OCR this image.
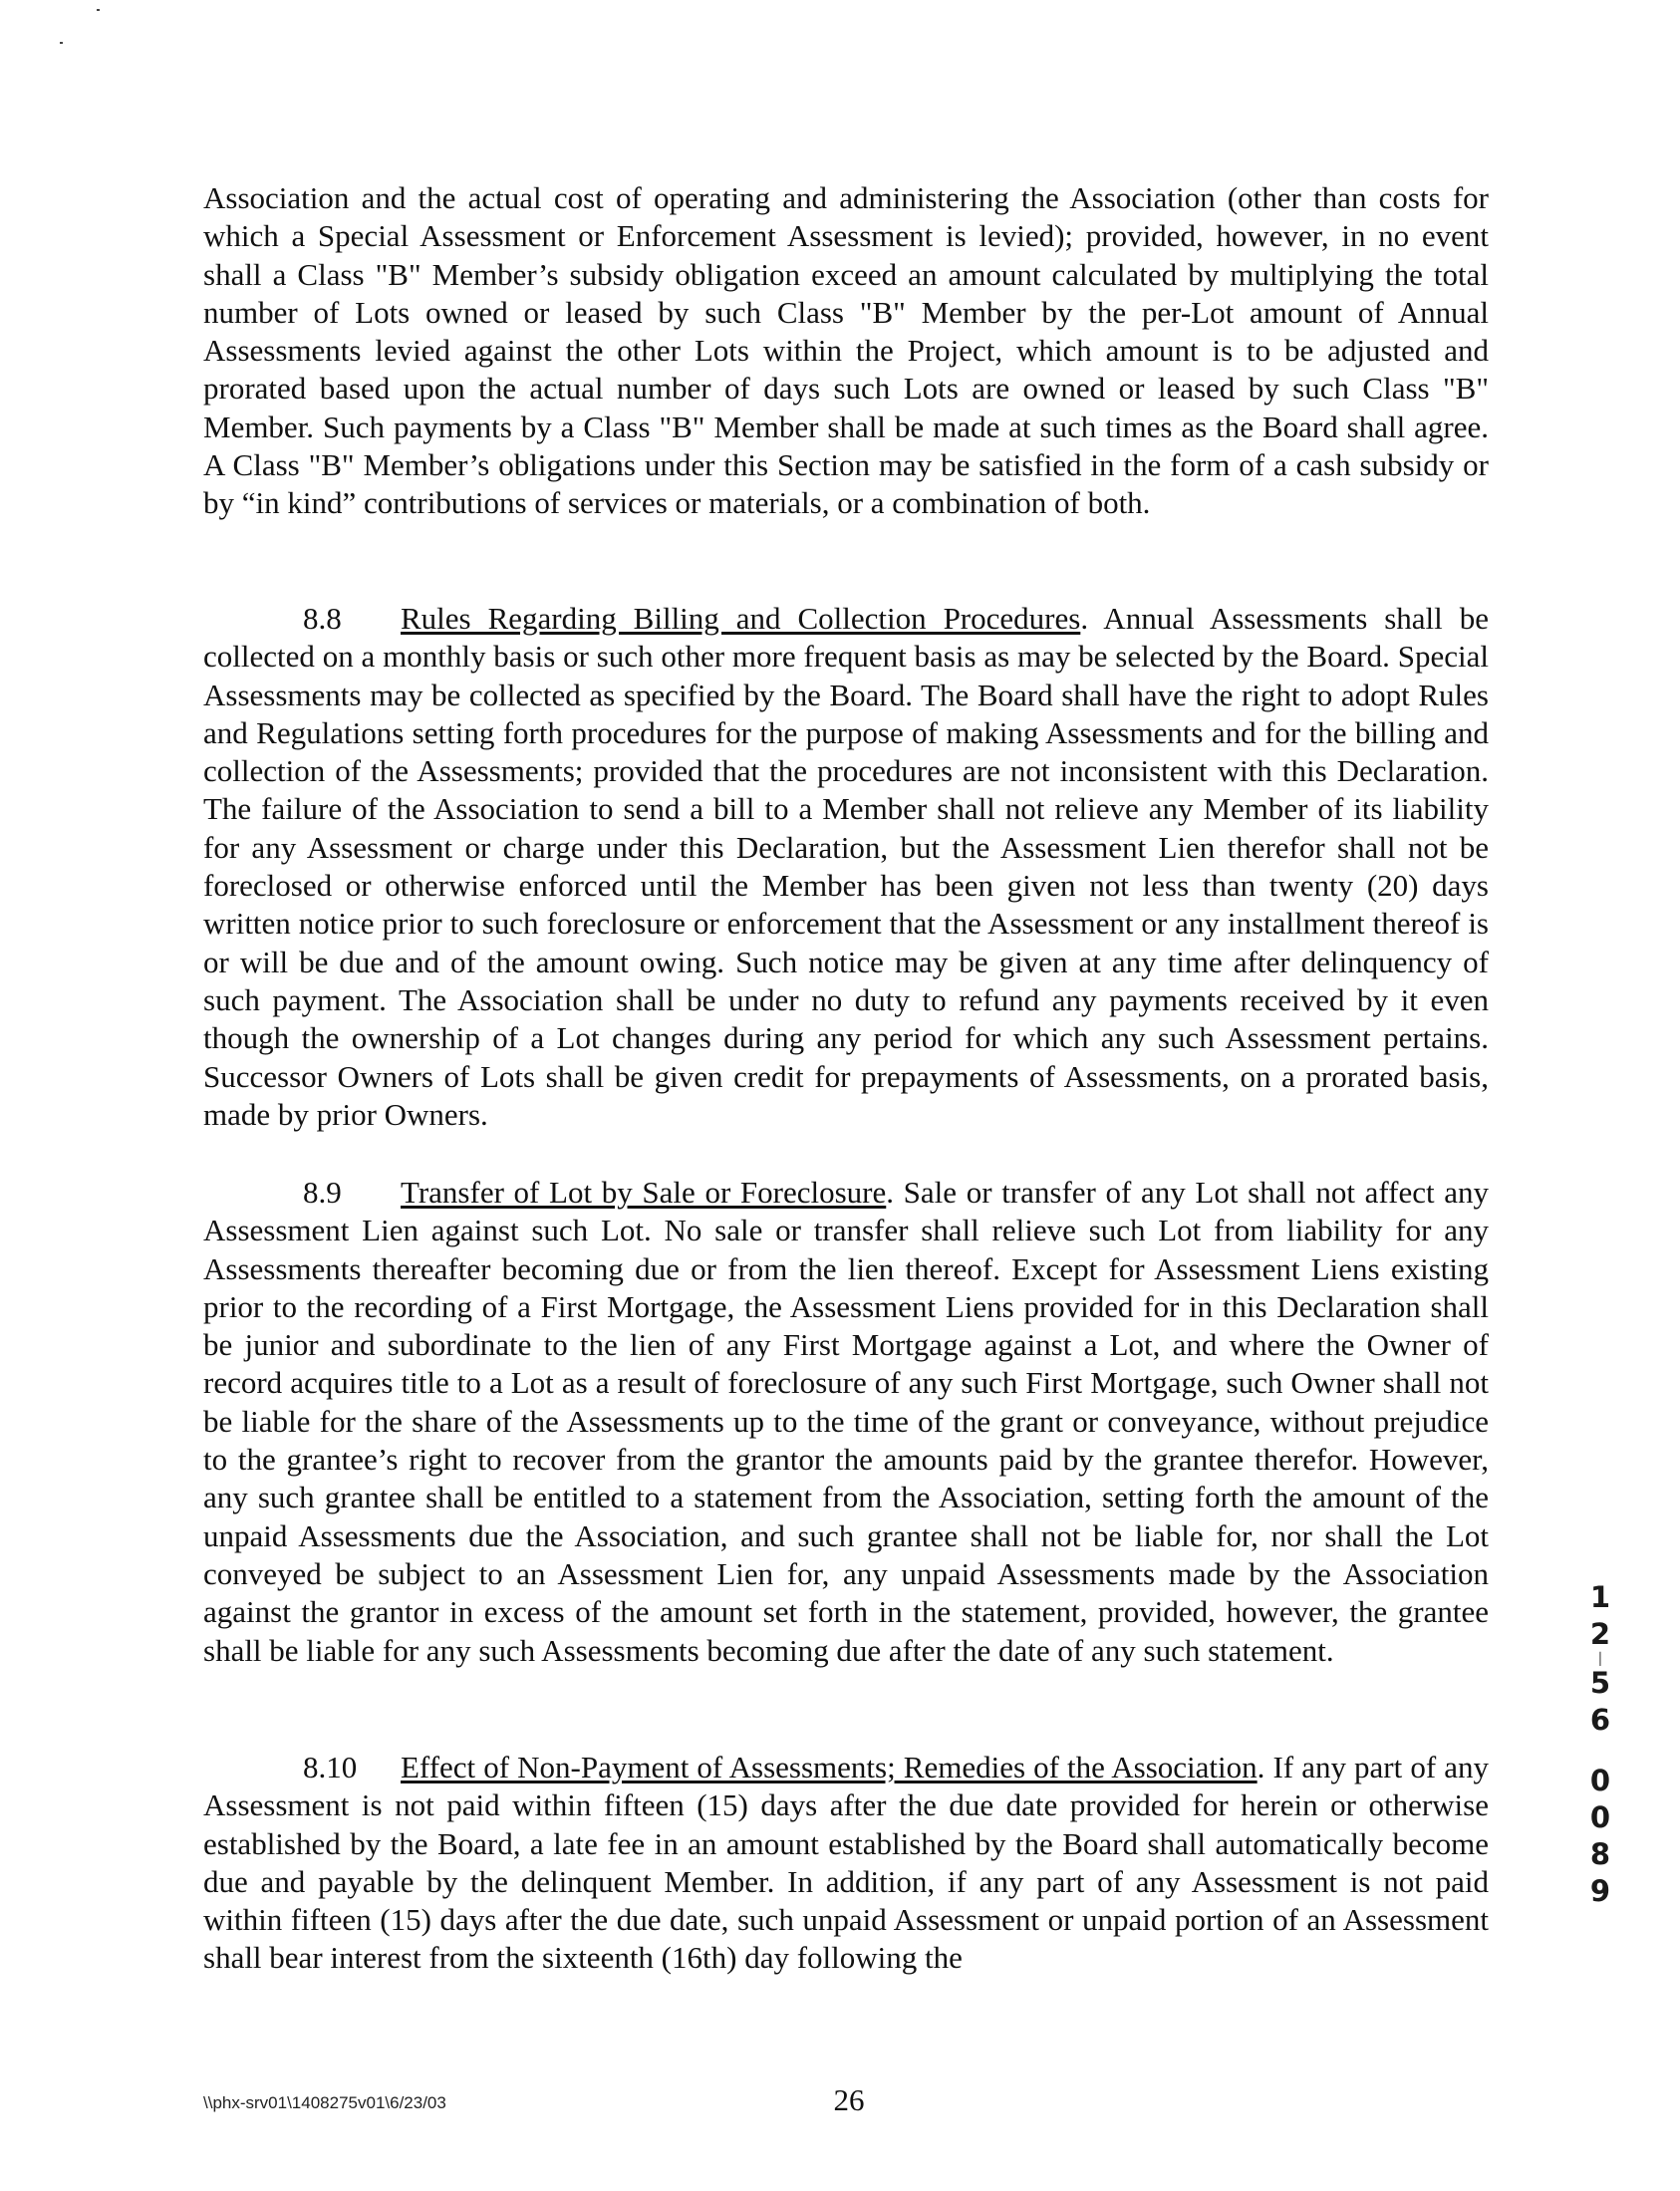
Association and the actual cost of operating and administering the Association (other than costs for which a Special Assessment or Enforcement Assessment is levied); provided, however, in no event shall a Class "B" Member’s subsidy obligation exceed an amount calculated by multiplying the total number of Lots owned or leased by such Class "B" Member by the per-Lot amount of Annual Assessments levied against the other Lots within the Project, which amount is to be adjusted and prorated based upon the actual number of days such Lots are owned or leased by such Class "B" Member. Such payments by a Class "B" Member shall be made at such times as the Board shall agree. A Class "B" Member’s obligations under this Section may be satisfied in the form of a cash subsidy or by “in kind” contributions of services or materials, or a combination of both.

8.8 Rules Regarding Billing and Collection Procedures. Annual Assessments shall be collected on a monthly basis or such other more frequent basis as may be selected by the Board. Special Assessments may be collected as specified by the Board. The Board shall have the right to adopt Rules and Regulations setting forth procedures for the purpose of making Assessments and for the billing and collection of the Assessments; provided that the procedures are not inconsistent with this Declaration. The failure of the Association to send a bill to a Member shall not relieve any Member of its liability for any Assessment or charge under this Declaration, but the Assessment Lien therefor shall not be foreclosed or otherwise enforced until the Member has been given not less than twenty (20) days written notice prior to such foreclosure or enforcement that the Assessment or any installment thereof is or will be due and of the amount owing. Such notice may be given at any time after delinquency of such payment. The Association shall be under no duty to refund any payments received by it even though the ownership of a Lot changes during any period for which any such Assessment pertains. Successor Owners of Lots shall be given credit for prepayments of Assessments, on a prorated basis, made by prior Owners.

8.9 Transfer of Lot by Sale or Foreclosure. Sale or transfer of any Lot shall not affect any Assessment Lien against such Lot. No sale or transfer shall relieve such Lot from liability for any Assessments thereafter becoming due or from the lien thereof. Except for Assessment Liens existing prior to the recording of a First Mortgage, the Assessment Liens provided for in this Declaration shall be junior and subordinate to the lien of any First Mortgage against a Lot, and where the Owner of record acquires title to a Lot as a result of foreclosure of any such First Mortgage, such Owner shall not be liable for the share of the Assessments up to the time of the grant or conveyance, without prejudice to the grantee’s right to recover from the grantor the amounts paid by the grantee therefor. However, any such grantee shall be entitled to a statement from the Association, setting forth the amount of the unpaid Assessments due the Association, and such grantee shall not be liable for, nor shall the Lot conveyed be subject to an Assessment Lien for, any unpaid Assessments made by the Association against the grantor in excess of the amount set forth in the statement, provided, however, the grantee shall be liable for any such Assessments becoming due after the date of any such statement.

8.10 Effect of Non-Payment of Assessments; Remedies of the Association. If any part of any Assessment is not paid within fifteen (15) days after the due date provided for herein or otherwise established by the Board, a late fee in an amount established by the Board shall automatically become due and payable by the delinquent Member. In addition, if any part of any Assessment is not paid within fifteen (15) days after the due date, such unpaid Assessment or unpaid portion of an Assessment shall bear interest from the sixteenth (16th) day following the

1
2
│
5
6
0
0
8
9
\\phx-srv01\1408275v01\6/23/03	26
